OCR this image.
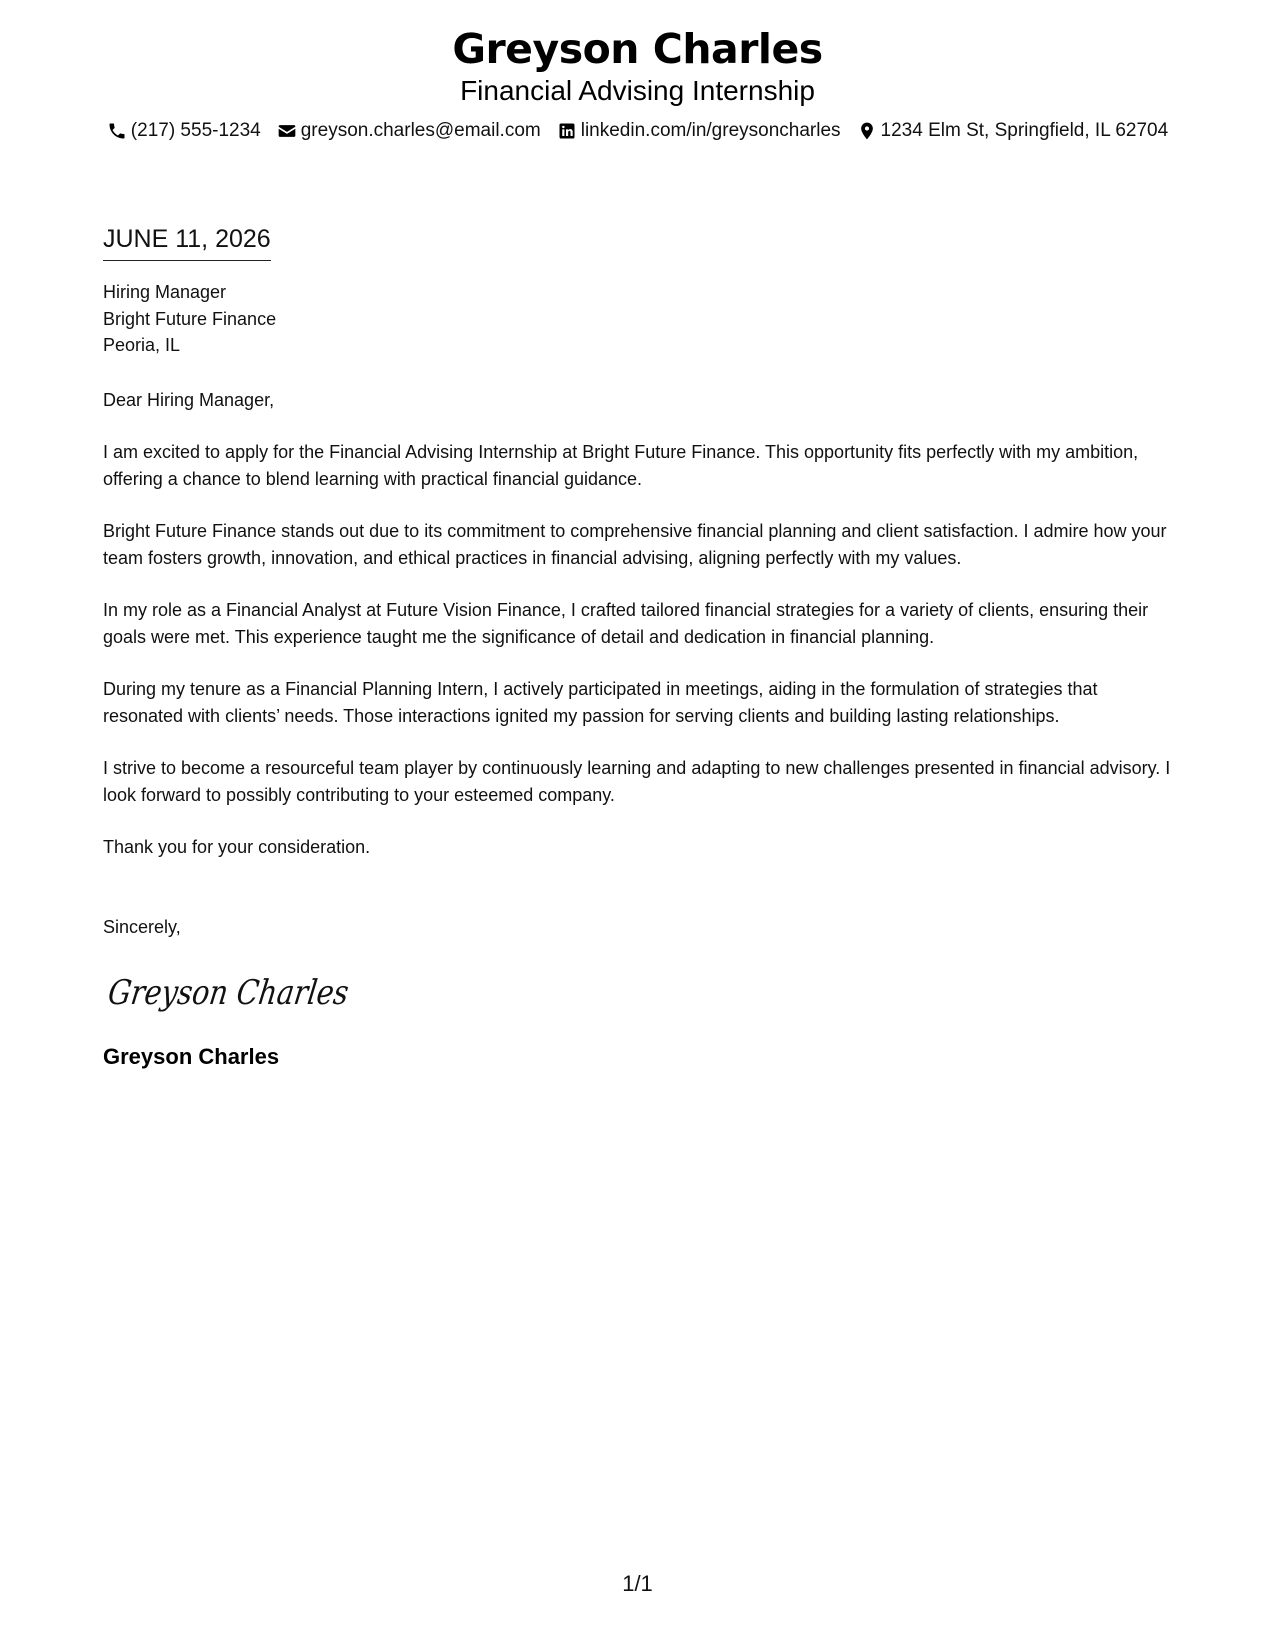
Greyson Charles
Financial Advising Internship
(217) 555-1234 greyson.charles@email.com linkedin.com/in/greysoncharles 1234 Elm St, Springfield, IL 62704
JUNE 11, 2026
Hiring Manager
Bright Future Finance
Peoria, IL
Dear Hiring Manager,
I am excited to apply for the Financial Advising Internship at Bright Future Finance. This opportunity fits perfectly with my ambition, offering a chance to blend learning with practical financial guidance.
Bright Future Finance stands out due to its commitment to comprehensive financial planning and client satisfaction. I admire how your team fosters growth, innovation, and ethical practices in financial advising, aligning perfectly with my values.
In my role as a Financial Analyst at Future Vision Finance, I crafted tailored financial strategies for a variety of clients, ensuring their goals were met. This experience taught me the significance of detail and dedication in financial planning.
During my tenure as a Financial Planning Intern, I actively participated in meetings, aiding in the formulation of strategies that resonated with clients’ needs. Those interactions ignited my passion for serving clients and building lasting relationships.
I strive to become a resourceful team player by continuously learning and adapting to new challenges presented in financial advisory. I look forward to possibly contributing to your esteemed company.
Thank you for your consideration.
Sincerely,
Greyson Charles
Greyson Charles
1/1
